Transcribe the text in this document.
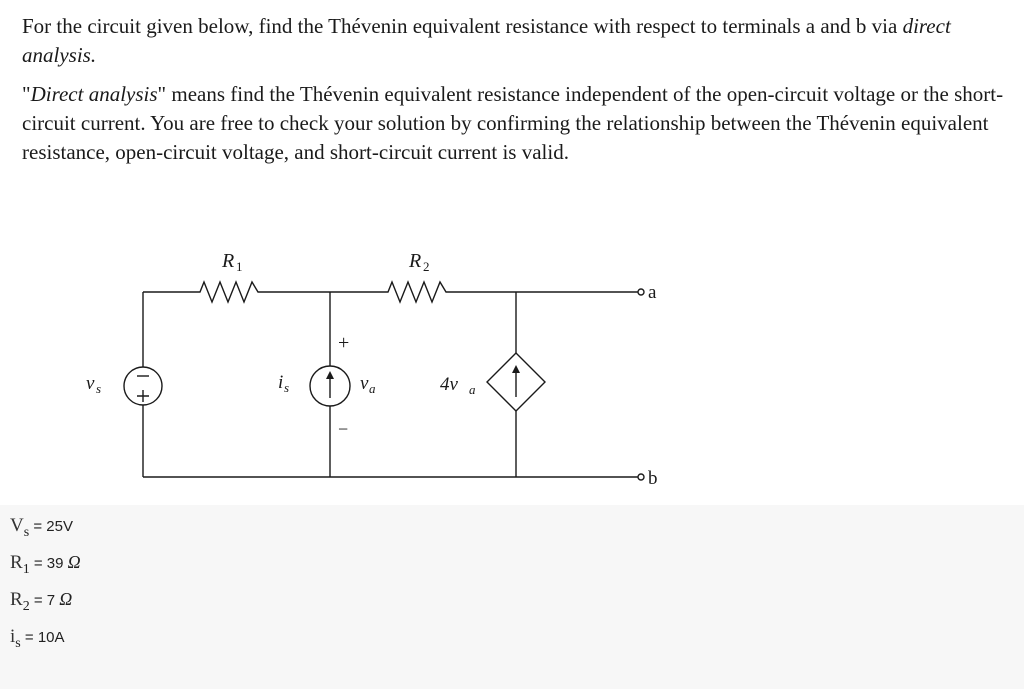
For the circuit given below, find the Thévenin equivalent resistance with respect to terminals a and b via direct analysis.

"Direct analysis" means find the Thévenin equivalent resistance independent of the open-circuit voltage or the short-circuit current. You are free to check your solution by confirming the relationship between the Thévenin equivalent resistance, open-circuit voltage, and short-circuit current is valid.

R 1	R 2
v s	i s
+
v a
−
4v a
a
b
Vs = 25V
R1 = 39 Ω
R2 = 7 Ω
is = 10A
